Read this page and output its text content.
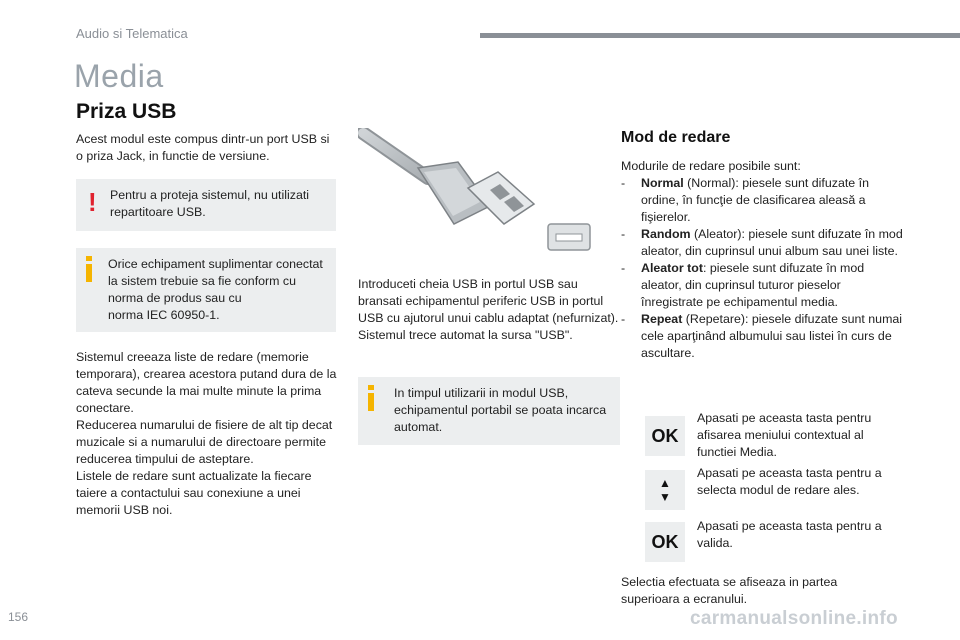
Audio si Telematica
Media
Priza USB
Acest modul este compus dintr-un port USB si o priza Jack, in functie de versiune.
! Pentru a proteja sistemul, nu utilizati repartitoare USB.
Orice echipament suplimentar conectat la sistem trebuie sa fie conform cu norma de produs sau cu
norma IEC 60950-1.

Sistemul creeaza liste de redare (memorie temporara), crearea acestora putand dura de la cateva secunde la mai multe minute la prima conectare.

Reducerea numarului de fisiere de alt tip decat muzicale si a numarului de directoare permite reducerea timpului de asteptare.

Listele de redare sunt actualizate la fiecare taiere a contactului sau conexiune a unei memorii USB noi.

Introduceti cheia USB in portul USB sau bransati echipamentul periferic USB in portul USB cu ajutorul unui cablu adaptat (nefurnizat). Sistemul trece automat la sursa "USB".
In timpul utilizarii in modul USB, echipamentul portabil se poata incarca automat.
Mod de redare
Modurile de redare posibile sunt:
- Normal (Normal): piesele sunt difuzate în ordine, în funcţie de clasificarea aleasă a fişierelor.
- Random (Aleator): piesele sunt difuzate în mod aleator, din cuprinsul unui album sau unei liste.
- Aleator tot: piesele sunt difuzate în mod aleator, din cuprinsul tuturor pieselor înregistrate pe echipamentul media.
- Repeat (Repetare): piesele difuzate sunt numai cele aparţinând albumului sau listei în curs de ascultare.
OK
Apasati pe aceasta tasta pentru afisarea meniului contextual al functiei Media.
▲
▼
Apasati pe aceasta tasta pentru a selecta modul de redare ales.
OK
Apasati pe aceasta tasta pentru a valida.
Selectia efectuata se afiseaza in partea superioara a ecranului.
156	carmanualsonline.info
